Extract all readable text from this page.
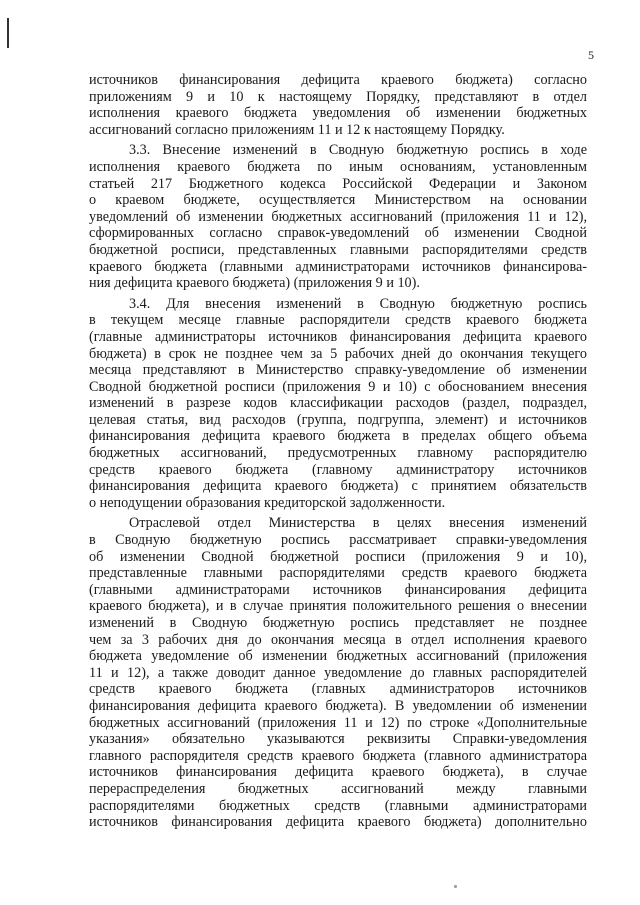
5
источников финансирования дефицита краевого бюджета) согласно
приложениям 9 и 10 к настоящему Порядку, представляют в отдел
исполнения краевого бюджета уведомления об изменении бюджетных
ассигнований согласно приложениям 11 и 12 к настоящему Порядку.
3.3. Внесение изменений в Сводную бюджетную роспись в ходе
исполнения краевого бюджета по иным основаниям, установленным
статьей 217 Бюджетного кодекса Российской Федерации и Законом
о краевом бюджете, осуществляется Министерством на основании
уведомлений об изменении бюджетных ассигнований (приложения 11 и 12),
сформированных согласно справок-уведомлений об изменении Сводной
бюджетной росписи, представленных главными распорядителями средств
краевого бюджета (главными администраторами источников финансирова-
ния дефицита краевого бюджета) (приложения 9 и 10).
3.4. Для внесения изменений в Сводную бюджетную роспись
в текущем месяце главные распорядители средств краевого бюджета
(главные администраторы источников финансирования дефицита краевого
бюджета) в срок не позднее чем за 5 рабочих дней до окончания текущего
месяца представляют в Министерство справку-уведомление об изменении
Сводной бюджетной росписи (приложения 9 и 10) с обоснованием внесения
изменений в разрезе кодов классификации расходов (раздел, подраздел,
целевая статья, вид расходов (группа, подгруппа, элемент) и источников
финансирования дефицита краевого бюджета в пределах общего объема
бюджетных ассигнований, предусмотренных главному распорядителю
средств краевого бюджета (главному администратору источников
финансирования дефицита краевого бюджета) с принятием обязательств
о неподущении образования кредиторской задолженности.
Отраслевой отдел Министерства в целях внесения изменений
в Сводную бюджетную роспись рассматривает справки-уведомления
об изменении Сводной бюджетной росписи (приложения 9 и 10),
представленные главными распорядителями средств краевого бюджета
(главными администраторами источников финансирования дефицита
краевого бюджета), и в случае принятия положительного решения о внесении
изменений в Сводную бюджетную роспись представляет не позднее
чем за 3 рабочих дня до окончания месяца в отдел исполнения краевого
бюджета уведомление об изменении бюджетных ассигнований (приложения
11 и 12), а также доводит данное уведомление до главных распорядителей
средств краевого бюджета (главных администраторов источников
финансирования дефицита краевого бюджета). В уведомлении об изменении
бюджетных ассигнований (приложения 11 и 12) по строке «Дополнительные
указания» обязательно указываются реквизиты Справки-уведомления
главного распорядителя средств краевого бюджета (главного администратора
источников финансирования дефицита краевого бюджета), в случае
перераспределения бюджетных ассигнований между главными
распорядителями бюджетных средств (главными администраторами
источников финансирования дефицита краевого бюджета) дополнительно
